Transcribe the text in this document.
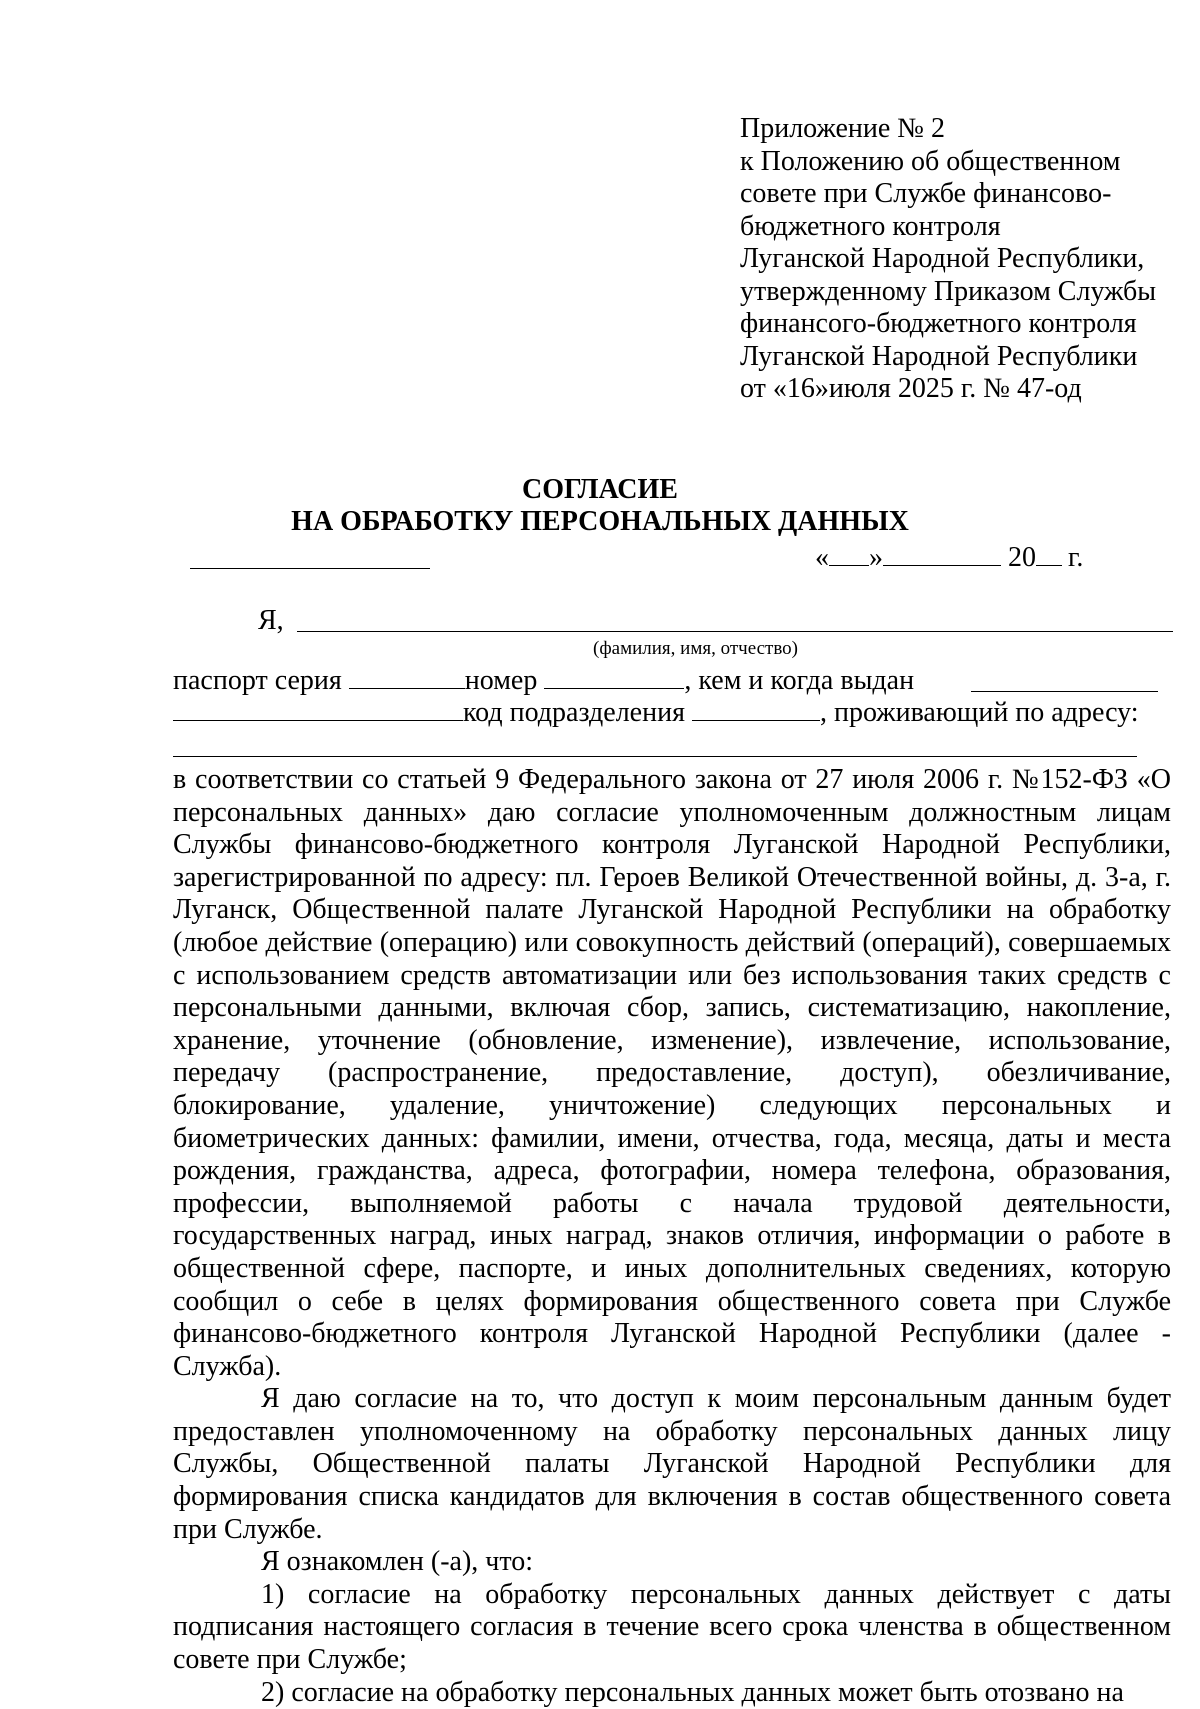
Приложение № 2
к Положению об общественном
совете при Службе финансово-
бюджетного контроля
Луганской Народной Республики,
утвержденному Приказом Службы
финансого-бюджетного контроля
Луганской Народной Республики
от «16»июля 2025 г. № 47-од
СОГЛАСИЕ
НА ОБРАБОТКУ ПЕРСОНАЛЬНЫХ ДАННЫХ
« »	20 г.
Я,
(фамилия, имя, отчество)
паспорт серия	номер	, кем и когда выдан
код подразделения	, проживающий по адресу:

в соответствии со статьей 9 Федерального закона от 27 июля 2006 г. №152-ФЗ «О персональных данных» даю согласие уполномоченным должностным лицам Службы финансово-бюджетного контроля Луганской Народной Республики, зарегистрированной по адресу: пл. Героев Великой Отечественной войны, д. 3-а, г. Луганск, Общественной палате Луганской Народной Республики на обработку (любое действие (операцию) или совокупность действий (операций), совершаемых с использованием средств автоматизации или без использования таких средств с персональными данными, включая сбор, запись, систематизацию, накопление, хранение, уточнение (обновление, изменение), извлечение, использование, передачу (распространение, предоставление, доступ), обезличивание, блокирование, удаление, уничтожение) следующих персональных и биометрических данных: фамилии, имени, отчества, года, месяца, даты и места рождения, гражданства, адреса, фотографии, номера телефона, образования, профессии, выполняемой работы с начала трудовой деятельности, государственных наград, иных наград, знаков отличия, информации о работе в общественной сфере, паспорте, и иных дополнительных сведениях, которую сообщил о себе в целях формирования общественного совета при Службе финансово-бюджетного контроля Луганской Народной Республики (далее - Служба).

Я даю согласие на то, что доступ к моим персональным данным будет предоставлен уполномоченному на обработку персональных данных лицу Службы, Общественной палаты Луганской Народной Республики для формирования списка кандидатов для включения в состав общественного совета при Службе.

Я ознакомлен (-а), что:

1) согласие на обработку персональных данных действует с даты подписания настоящего согласия в течение всего срока членства в общественном совете при Службе;

2) согласие на обработку персональных данных может быть отозвано на
